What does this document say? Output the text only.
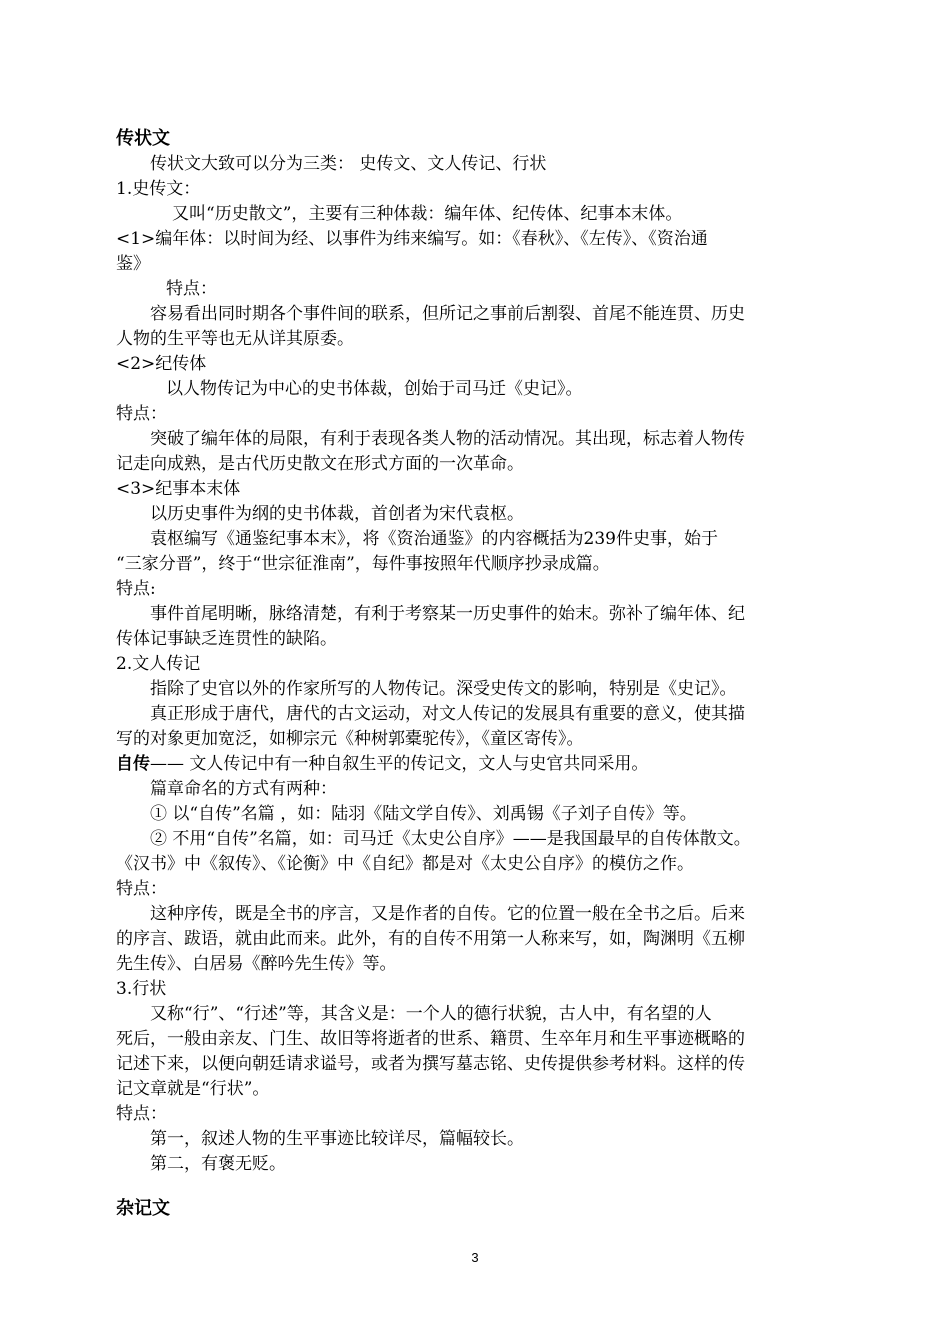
传状文
传状文大致可以分为三类： 史传文、文人传记、行状
1.史传文：
又叫“历史散文”，主要有三种体裁：编年体、纪传体、纪事本末体。
<1>编年体：以时间为经、以事件为纬来编写。如：《春秋》、《左传》、《资治通
鉴》
特点：
容易看出同时期各个事件间的联系，但所记之事前后割裂、首尾不能连贯、历史
人物的生平等也无从详其原委。
<2>纪传体
以人物传记为中心的史书体裁，创始于司马迁《史记》。
特点：
突破了编年体的局限，有利于表现各类人物的活动情况。其出现，标志着人物传
记走向成熟，是古代历史散文在形式方面的一次革命。
<3>纪事本末体
以历史事件为纲的史书体裁，首创者为宋代袁枢。
袁枢编写《通鉴纪事本末》，将《资治通鉴》的内容概括为239件史事，始于
“三家分晋”，终于“世宗征淮南”，每件事按照年代顺序抄录成篇。
特点:
事件首尾明晰，脉络清楚，有利于考察某一历史事件的始末。弥补了编年体、纪
传体记事缺乏连贯性的缺陷。
2.文人传记
指除了史官以外的作家所写的人物传记。深受史传文的影响，特别是《史记》。
真正形成于唐代，唐代的古文运动，对文人传记的发展具有重要的意义，使其描
写的对象更加宽泛，如柳宗元《种树郭橐驼传》，《童区寄传》。
自传—— 文人传记中有一种自叙生平的传记文，文人与史官共同采用。
篇章命名的方式有两种：
① 以“自传”名篇 ，如：陆羽《陆文学自传》、刘禹锡《子刘子自传》等。
② 不用“自传”名篇，如：司马迁《太史公自序》——是我国最早的自传体散文。
《汉书》中《叙传》、《论衡》中《自纪》都是对《太史公自序》的模仿之作。
特点：
这种序传，既是全书的序言，又是作者的自传。它的位置一般在全书之后。后来
的序言、跋语，就由此而来。此外，有的自传不用第一人称来写，如，陶渊明《五柳
先生传》、白居易《醉吟先生传》等。
3.行状
又称“行”、“行述”等，其含义是：一个人的德行状貌，古人中，有名望的人
死后，一般由亲友、门生、故旧等将逝者的世系、籍贯、生卒年月和生平事迹概略的
记述下来，以便向朝廷请求谥号，或者为撰写墓志铭、史传提供参考材料。这样的传
记文章就是“行状”。
特点：
第一，叙述人物的生平事迹比较详尽，篇幅较长。
第二，有褒无贬。
杂记文
3
